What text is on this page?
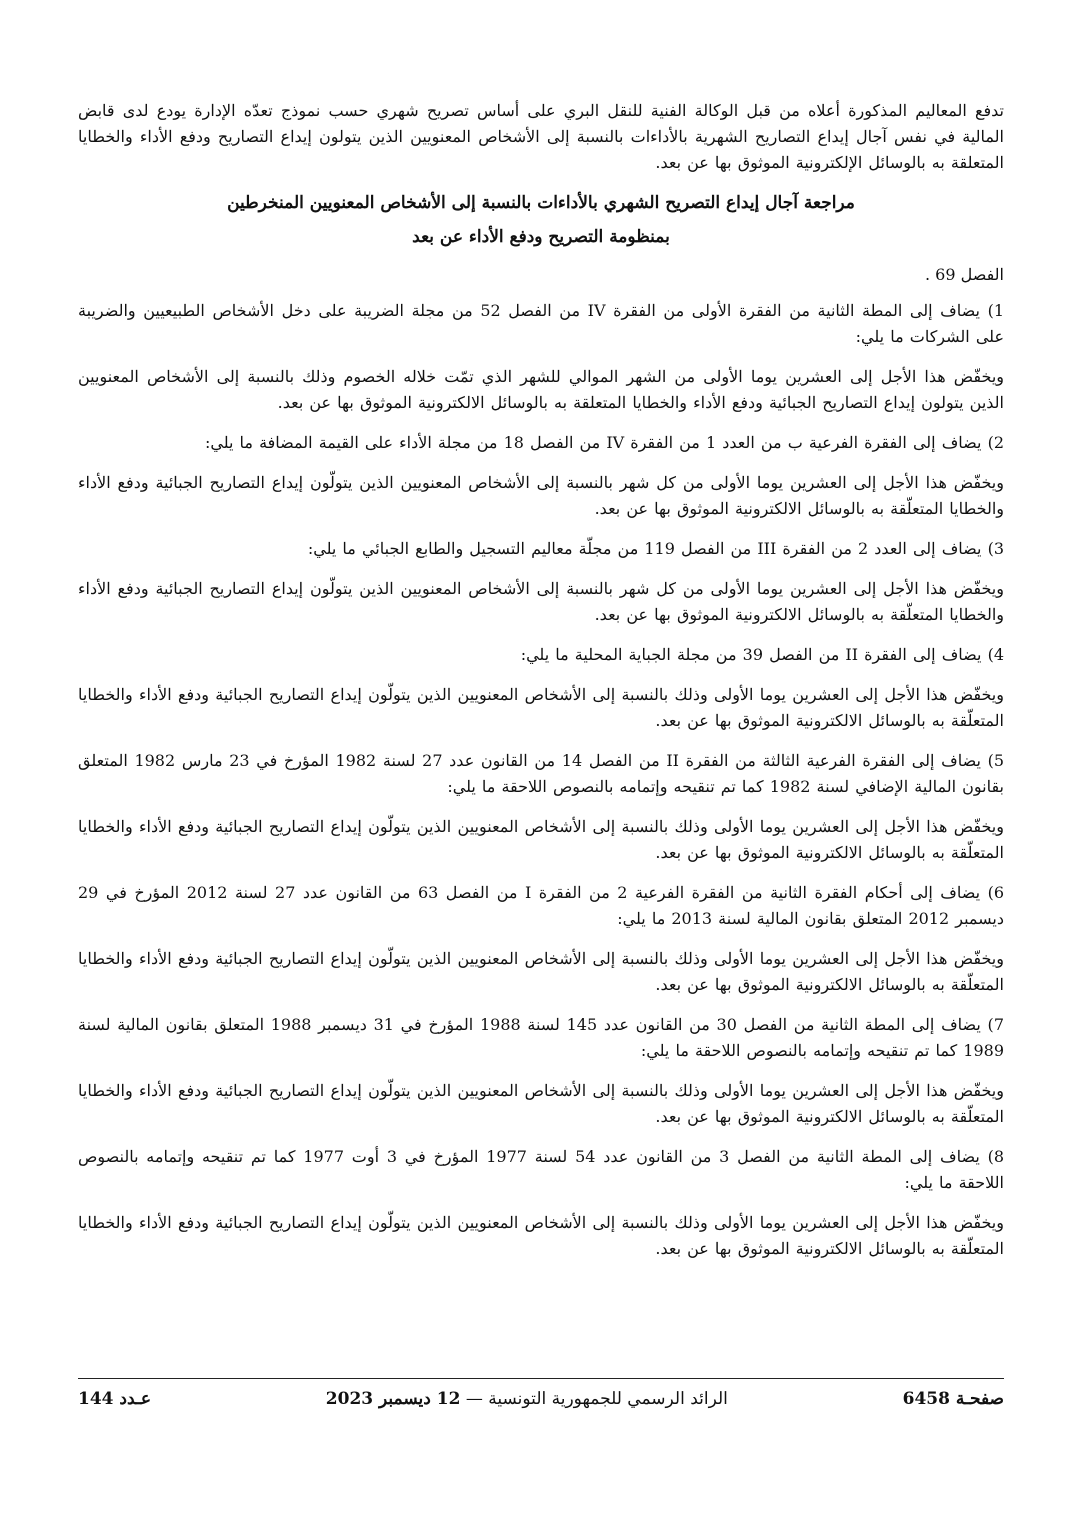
تدفع المعاليم المذكورة أعلاه من قبل الوكالة الفنية للنقل البري على أساس تصريح شهري حسب نموذج تعدّه الإدارة يودع لدى قابض المالية في نفس آجال إيداع التصاريح الشهرية بالأداءات بالنسبة إلى الأشخاص المعنويين الذين يتولون إيداع التصاريح ودفع الأداء والخطايا المتعلقة به بالوسائل الإلكترونية الموثوق بها عن بعد.

مراجعة آجال إيداع التصريح الشهري بالأداءات بالنسبة إلى الأشخاص المعنويين المنخرطين

بمنظومة التصريح ودفع الأداء عن بعد

الفصل 69 .

1) يضاف إلى المطة الثانية من الفقرة الأولى من الفقرة IV من الفصل 52 من مجلة الضريبة على دخل الأشخاص الطبيعيين والضريبة على الشركات ما يلي:

ويخفّض هذا الأجل إلى العشرين يوما الأولى من الشهر الموالي للشهر الذي تمّت خلاله الخصوم وذلك بالنسبة إلى الأشخاص المعنويين الذين يتولون إيداع التصاريح الجبائية ودفع الأداء والخطايا المتعلقة به بالوسائل الالكترونية الموثوق بها عن بعد.

2) يضاف إلى الفقرة الفرعية ب من العدد 1 من الفقرة IV من الفصل 18 من مجلة الأداء على القيمة المضافة ما يلي:

ويخفّض هذا الأجل إلى العشرين يوما الأولى من كل شهر بالنسبة إلى الأشخاص المعنويين الذين يتولّون إيداع التصاريح الجبائية ودفع الأداء والخطايا المتعلّقة به بالوسائل الالكترونية الموثوق بها عن بعد.

3) يضاف إلى العدد 2 من الفقرة III من الفصل 119 من مجلّة معاليم التسجيل والطابع الجبائي ما يلي:

ويخفّض هذا الأجل إلى العشرين يوما الأولى من كل شهر بالنسبة إلى الأشخاص المعنويين الذين يتولّون إيداع التصاريح الجبائية ودفع الأداء والخطايا المتعلّقة به بالوسائل الالكترونية الموثوق بها عن بعد.

4) يضاف إلى الفقرة II من الفصل 39 من مجلة الجباية المحلية ما يلي:

ويخفّض هذا الأجل إلى العشرين يوما الأولى وذلك بالنسبة إلى الأشخاص المعنويين الذين يتولّون إيداع التصاريح الجبائية ودفع الأداء والخطايا المتعلّقة به بالوسائل الالكترونية الموثوق بها عن بعد.

5) يضاف إلى الفقرة الفرعية الثالثة من الفقرة II من الفصل 14 من القانون عدد 27 لسنة 1982 المؤرخ في 23 مارس 1982 المتعلق بقانون المالية الإضافي لسنة 1982 كما تم تنقيحه وإتمامه بالنصوص اللاحقة ما يلي:

ويخفّض هذا الأجل إلى العشرين يوما الأولى وذلك بالنسبة إلى الأشخاص المعنويين الذين يتولّون إيداع التصاريح الجبائية ودفع الأداء والخطايا المتعلّقة به بالوسائل الالكترونية الموثوق بها عن بعد.

6) يضاف إلى أحكام الفقرة الثانية من الفقرة الفرعية 2 من الفقرة I من الفصل 63 من القانون عدد 27 لسنة 2012 المؤرخ في 29 ديسمبر 2012 المتعلق بقانون المالية لسنة 2013 ما يلي:

ويخفّض هذا الأجل إلى العشرين يوما الأولى وذلك بالنسبة إلى الأشخاص المعنويين الذين يتولّون إيداع التصاريح الجبائية ودفع الأداء والخطايا المتعلّقة به بالوسائل الالكترونية الموثوق بها عن بعد.

7) يضاف إلى المطة الثانية من الفصل 30 من القانون عدد 145 لسنة 1988 المؤرخ في 31 ديسمبر 1988 المتعلق بقانون المالية لسنة 1989 كما تم تنقيحه وإتمامه بالنصوص اللاحقة ما يلي:

ويخفّض هذا الأجل إلى العشرين يوما الأولى وذلك بالنسبة إلى الأشخاص المعنويين الذين يتولّون إيداع التصاريح الجبائية ودفع الأداء والخطايا المتعلّقة به بالوسائل الالكترونية الموثوق بها عن بعد.

8) يضاف إلى المطة الثانية من الفصل 3 من القانون عدد 54 لسنة 1977 المؤرخ في 3 أوت 1977 كما تم تنقيحه وإتمامه بالنصوص اللاحقة ما يلي:

ويخفّض هذا الأجل إلى العشرين يوما الأولى وذلك بالنسبة إلى الأشخاص المعنويين الذين يتولّون إيداع التصاريح الجبائية ودفع الأداء والخطايا المتعلّقة به بالوسائل الالكترونية الموثوق بها عن بعد.

صفحـة 6458
الرائد الرسمي للجمهورية التونسية — 12 ديسمبر 2023
عـدد 144
